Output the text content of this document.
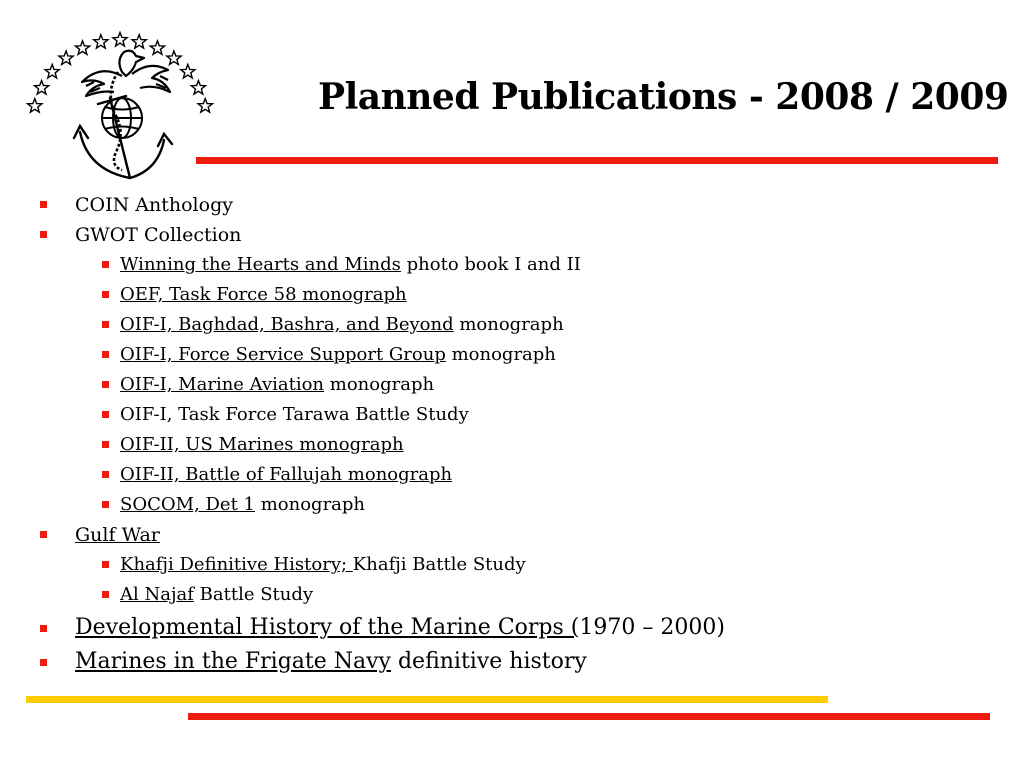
Planned Publications - 2008 / 2009
COIN Anthology
GWOT Collection
Winning the Hearts and Minds photo book I and II
OEF, Task Force 58 monograph
OIF-I, Baghdad, Bashra, and Beyond monograph
OIF-I, Force Service Support Group monograph
OIF-I, Marine Aviation monograph
OIF-I, Task Force Tarawa Battle Study
OIF-II, US Marines monograph
OIF-II, Battle of Fallujah monograph
SOCOM, Det 1 monograph
Gulf War
Khafji Definitive History; Khafji Battle Study
Al Najaf Battle Study
Developmental History of the Marine Corps (1970 – 2000)
Marines in the Frigate Navy definitive history
